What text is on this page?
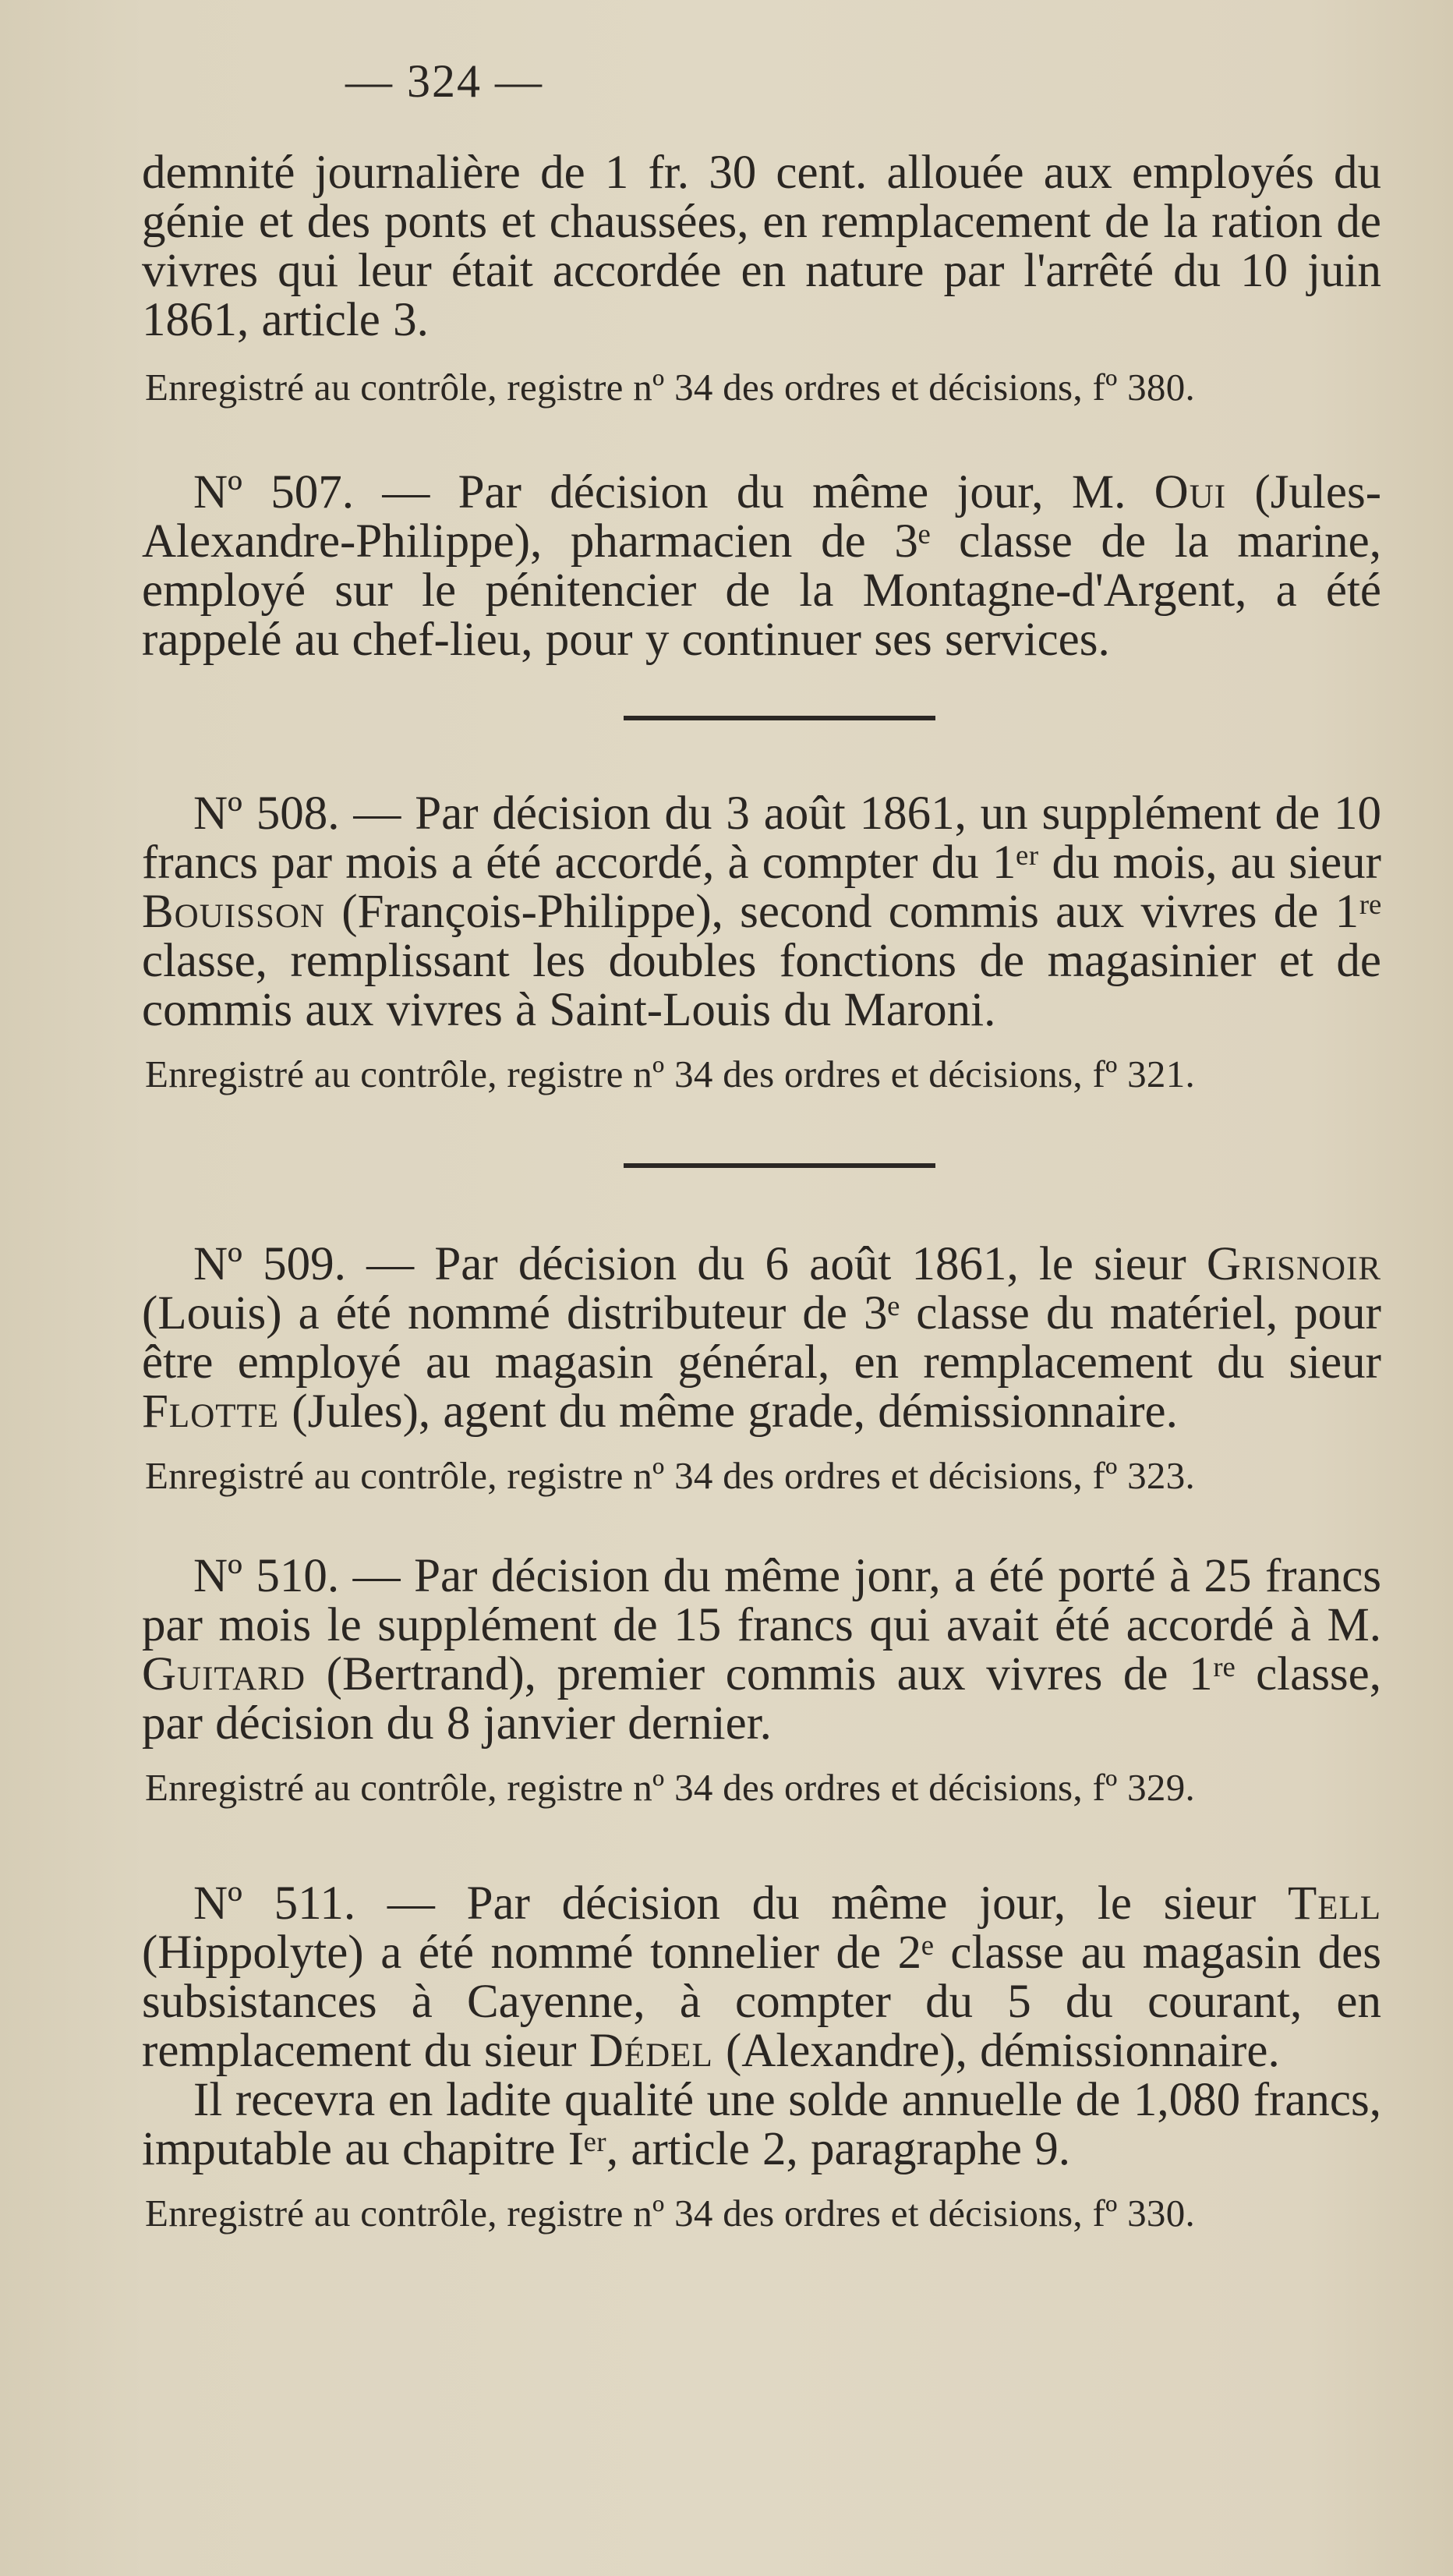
— 324 —

demnité journalière de 1 fr. 30 cent. allouée aux employés du génie et des ponts et chaussées, en remplacement de la ration de vivres qui leur était accordée en nature par l'arrêté du 10 juin 1861, article 3.

Enregistré au contrôle, registre nº 34 des ordres et décisions, fº 380.

Nº 507. — Par décision du même jour, M. Oui (Jules-Alexandre-Philippe), pharmacien de 3ᵉ classe de la marine, employé sur le pénitencier de la Montagne-d'Argent, a été rappelé au chef-lieu, pour y continuer ses services.

Nº 508. — Par décision du 3 août 1861, un supplément de 10 francs par mois a été accordé, à compter du 1ᵉʳ du mois, au sieur Bouisson (François-Philippe), second commis aux vivres de 1ʳᵉ classe, remplissant les doubles fonctions de magasinier et de commis aux vivres à Saint-Louis du Maroni.

Enregistré au contrôle, registre nº 34 des ordres et décisions, fº 321.

Nº 509. — Par décision du 6 août 1861, le sieur Grisnoir (Louis) a été nommé distributeur de 3ᵉ classe du matériel, pour être employé au magasin général, en remplacement du sieur Flotte (Jules), agent du même grade, démissionnaire.

Enregistré au contrôle, registre nº 34 des ordres et décisions, fº 323.

Nº 510. — Par décision du même jonr, a été porté à 25 francs par mois le supplément de 15 francs qui avait été accordé à M. Guitard (Bertrand), premier commis aux vivres de 1ʳᵉ classe, par décision du 8 janvier dernier.

Enregistré au contrôle, registre nº 34 des ordres et décisions, fº 329.

Nº 511. — Par décision du même jour, le sieur Tell (Hippolyte) a été nommé tonnelier de 2ᵉ classe au magasin des subsistances à Cayenne, à compter du 5 du courant, en remplacement du sieur Dédel (Alexandre), démissionnaire.

Il recevra en ladite qualité une solde annuelle de 1,080 francs, imputable au chapitre Iᵉʳ, article 2, paragraphe 9.

Enregistré au contrôle, registre nº 34 des ordres et décisions, fº 330.
